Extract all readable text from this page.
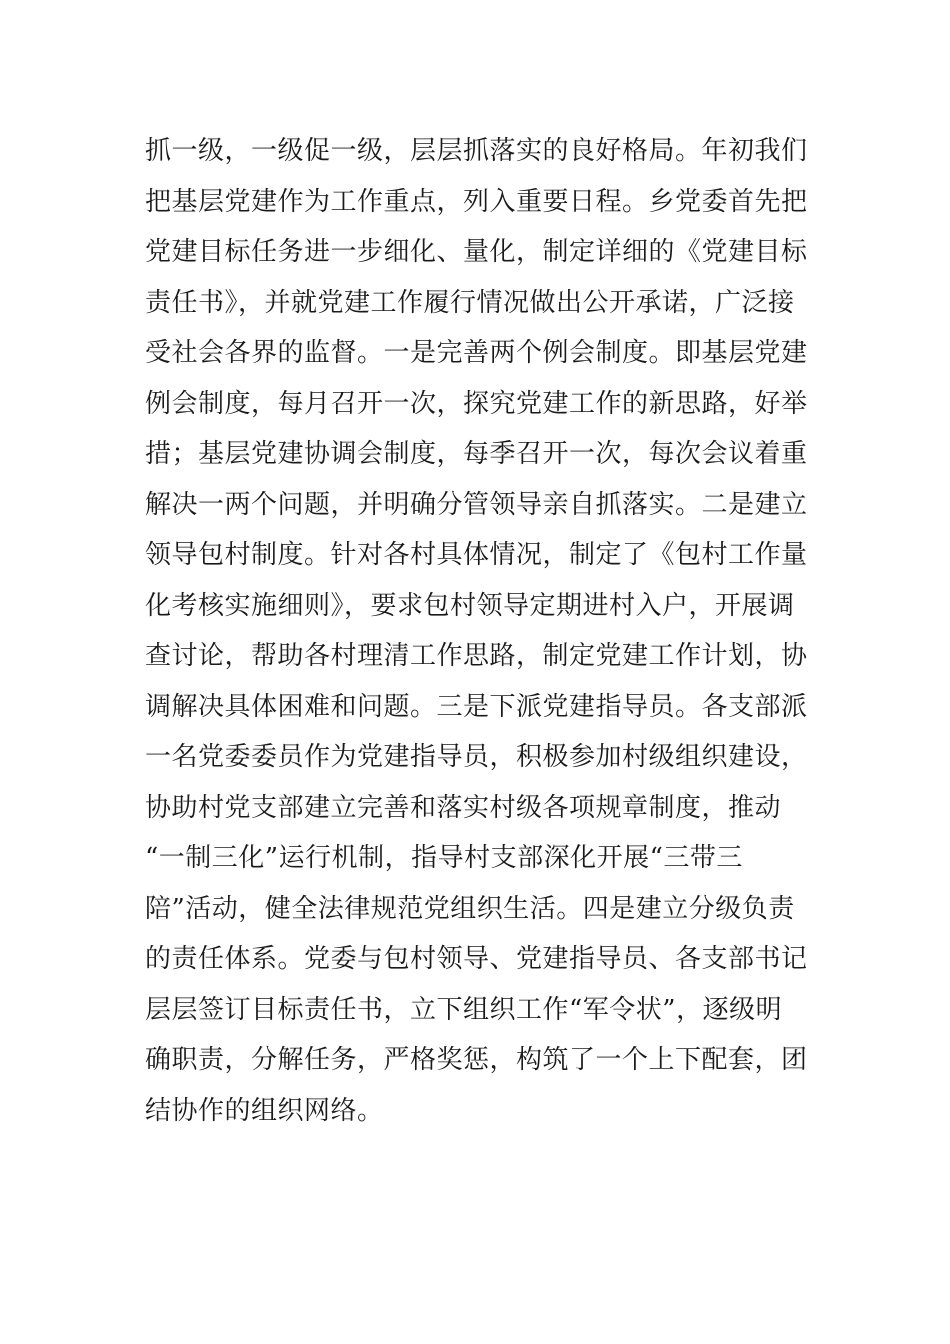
抓一级，一级促一级，层层抓落实的良好格局。年初我们
把基层党建作为工作重点，列入重要日程。乡党委首先把
党建目标任务进一步细化、量化，制定详细的《党建目标
责任书》，并就党建工作履行情况做出公开承诺，广泛接
受社会各界的监督。一是完善两个例会制度。即基层党建
例会制度，每月召开一次，探究党建工作的新思路，好举
措；基层党建协调会制度，每季召开一次，每次会议着重
解决一两个问题，并明确分管领导亲自抓落实。二是建立
领导包村制度。针对各村具体情况，制定了《包村工作量
化考核实施细则》，要求包村领导定期进村入户，开展调
查讨论，帮助各村理清工作思路，制定党建工作计划，协
调解决具体困难和问题。三是下派党建指导员。各支部派
一名党委委员作为党建指导员，积极参加村级组织建设，
协助村党支部建立完善和落实村级各项规章制度，推动
“一制三化”运行机制，指导村支部深化开展“三带三
陪”活动，健全法律规范党组织生活。四是建立分级负责
的责任体系。党委与包村领导、党建指导员、各支部书记
层层签订目标责任书，立下组织工作“军令状”，逐级明
确职责，分解任务，严格奖惩，构筑了一个上下配套，团
结协作的组织网络。
